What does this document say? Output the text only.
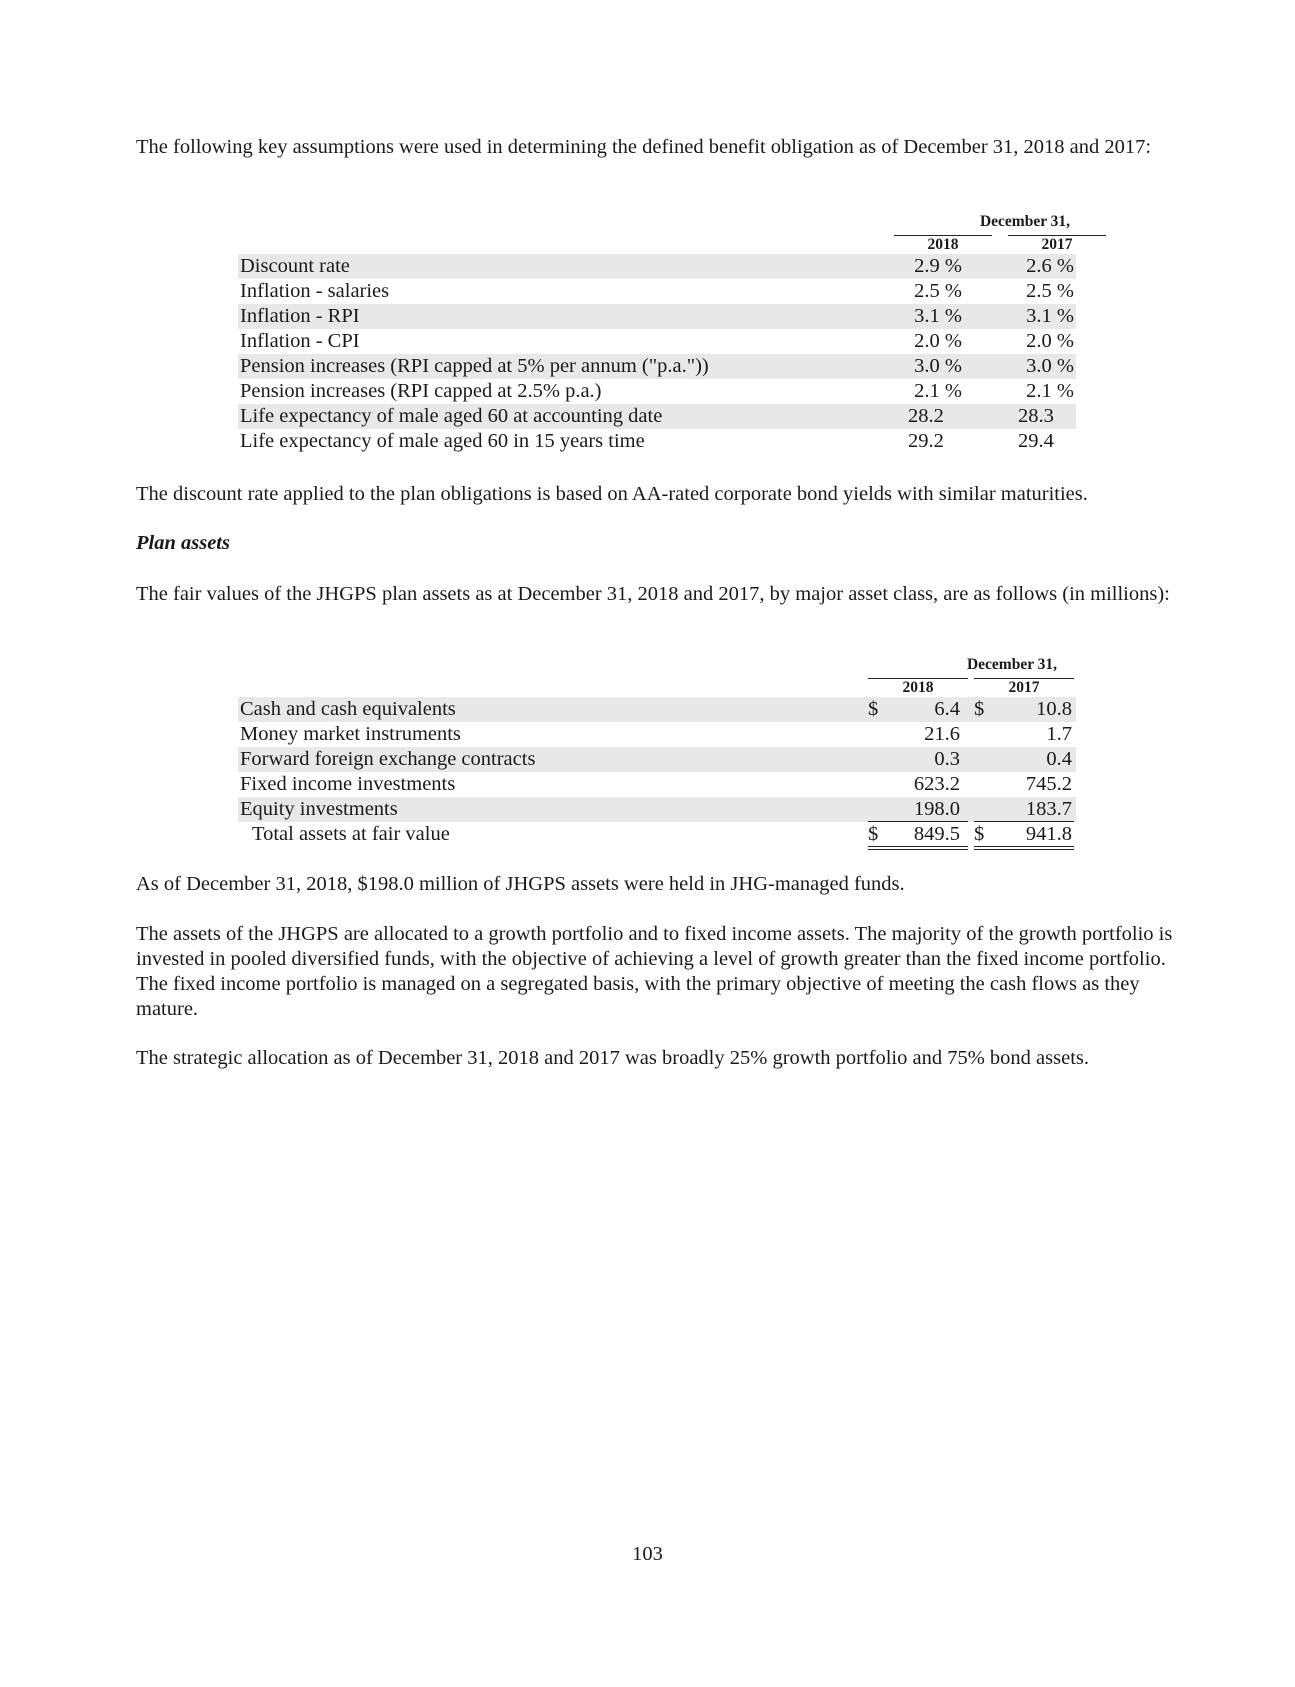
The following key assumptions were used in determining the defined benefit obligation as of December 31, 2018 and 2017:

December 31,
2018	2017
Discount rate	2.9 %	2.6 %
Inflation - salaries	2.5 %	2.5 %
Inflation - RPI	3.1 %	3.1 %
Inflation - CPI	2.0 %	2.0 %
Pension increases (RPI capped at 5% per annum ("p.a."))	3.0 %	3.0 %
Pension increases (RPI capped at 2.5% p.a.)	2.1 %	2.1 %
Life expectancy of male aged 60 at accounting date	28.2	28.3
Life expectancy of male aged 60 in 15 years time	29.2	29.4

The discount rate applied to the plan obligations is based on AA-rated corporate bond yields with similar maturities.

Plan assets

The fair values of the JHGPS plan assets as at December 31, 2018 and 2017, by major asset class, are as follows (in millions):

December 31,
2018	2017
Cash and cash equivalents	$	6.4 $	10.8
Money market instruments	21.6	1.7
Forward foreign exchange contracts	0.3	0.4
Fixed income investments	623.2	745.2
Equity investments	198.0	183.7
Total assets at fair value	$	849.5 $	941.8

As of December 31, 2018, $198.0 million of JHGPS assets were held in JHG-managed funds.

The assets of the JHGPS are allocated to a growth portfolio and to fixed income assets. The majority of the growth portfolio is invested in pooled diversified funds, with the objective of achieving a level of growth greater than the fixed income portfolio. The fixed income portfolio is managed on a segregated basis, with the primary objective of meeting the cash flows as they mature.

The strategic allocation as of December 31, 2018 and 2017 was broadly 25% growth portfolio and 75% bond assets.

103
